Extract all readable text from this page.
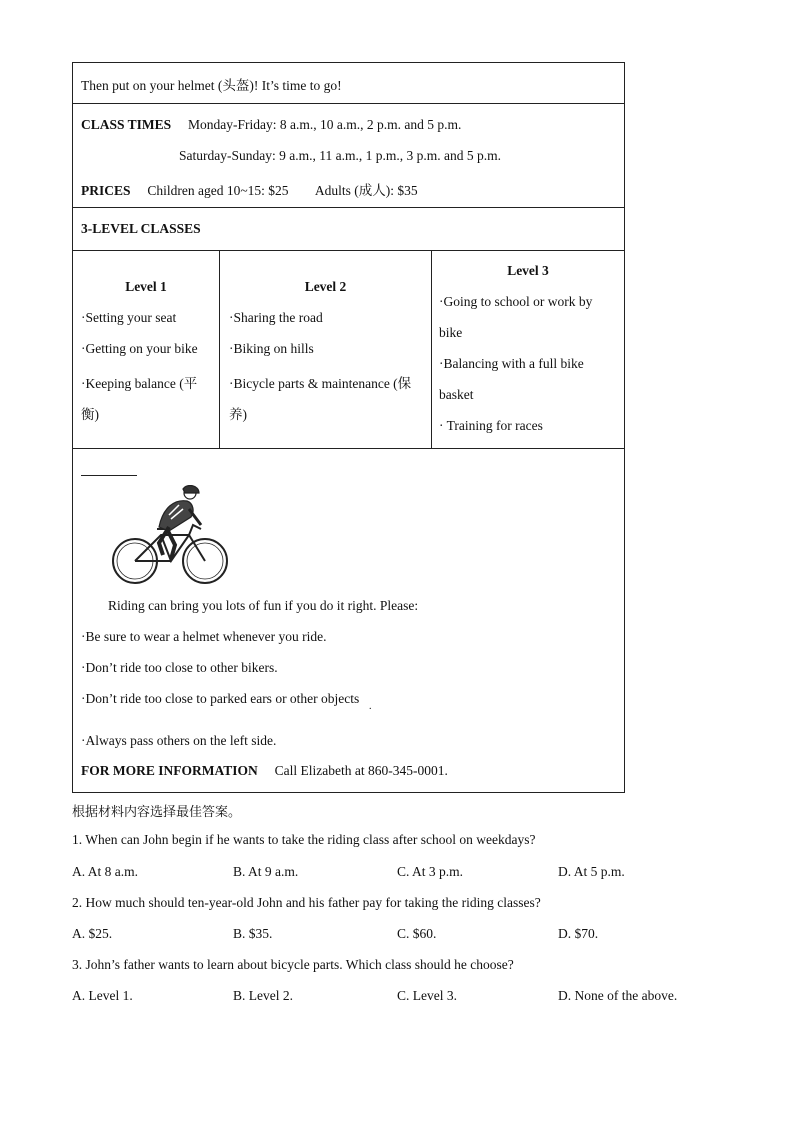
Then put on your helmet (头盔)! It’s time to go!
CLASS TIMES Monday-Friday: 8 a.m., 10 a.m., 2 p.m. and 5 p.m.
Saturday-Sunday: 9 a.m., 11 a.m., 1 p.m., 3 p.m. and 5 p.m.
PRICES Children aged 10~15: $25 Adults (成人): $35
3-LEVEL CLASSES
Level 1
·Setting your seat
·Getting on your bike
·Keeping balance (平
衡)
Level 2
·Sharing the road
·Biking on hills
·Bicycle parts & maintenance (保
养)
Level 3
·Going to school or work by
bike
·Balancing with a full bike
basket
· Training for races
Riding can bring you lots of fun if you do it right. Please:
·Be sure to wear a helmet whenever you ride.
·Don’t ride too close to other bikers.
·Don’t ride too close to parked ears or other objects
.
·Always pass others on the left side.
FOR MORE INFORMATION Call Elizabeth at 860-345-0001.
根据材料内容选择最佳答案。
1. When can John begin if he wants to take the riding class after school on weekdays?
A. At 8 a.m.	B. At 9 a.m.	C. At 3 p.m.	D. At 5 p.m.
2. How much should ten-year-old John and his father pay for taking the riding classes?
A. $25.	B. $35.	C. $60.	D. $70.
3. John’s father wants to learn about bicycle parts. Which class should he choose?
A. Level 1.	B. Level 2.	C. Level 3.	D. None of the above.
